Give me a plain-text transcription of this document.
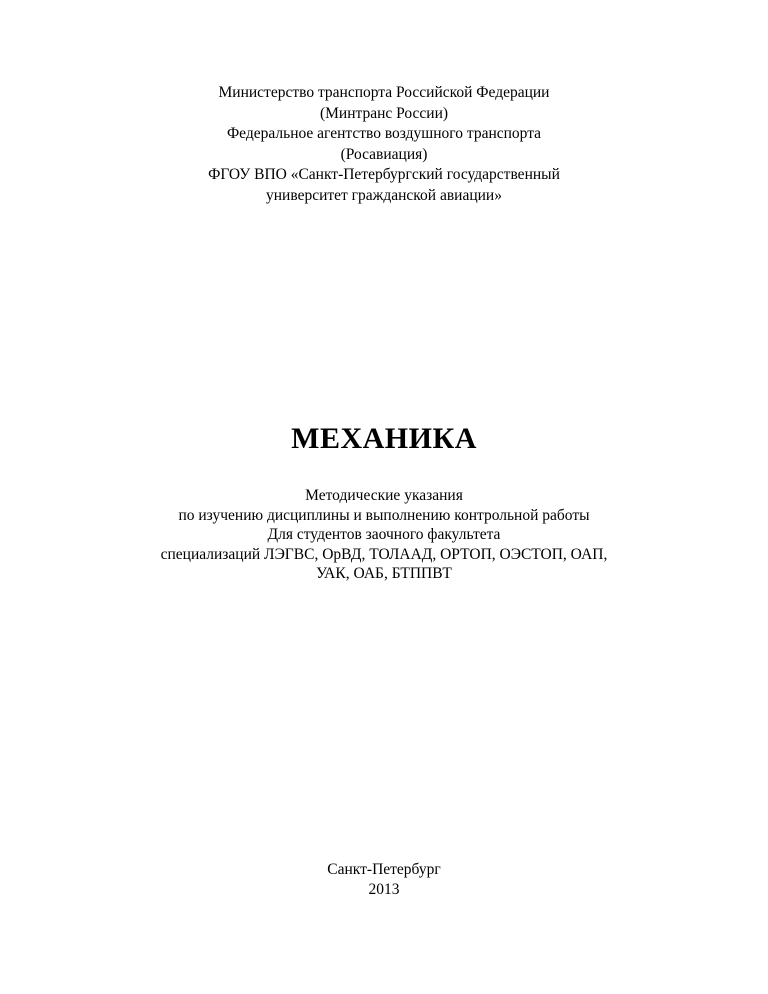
Министерство транспорта Российской Федерации
(Минтранс России)
Федеральное агентство воздушного транспорта
(Росавиация)
ФГОУ ВПО «Санкт-Петербургский государственный
университет гражданской авиации»
МЕХАНИКА
Методические указания
по изучению дисциплины и выполнению контрольной работы
Для студентов заочного факультета
специализаций ЛЭГВС, ОрВД, ТОЛААД, ОРТОП, ОЭСТОП, ОАП,
УАК, ОАБ, БТППВТ
Санкт-Петербург
2013
